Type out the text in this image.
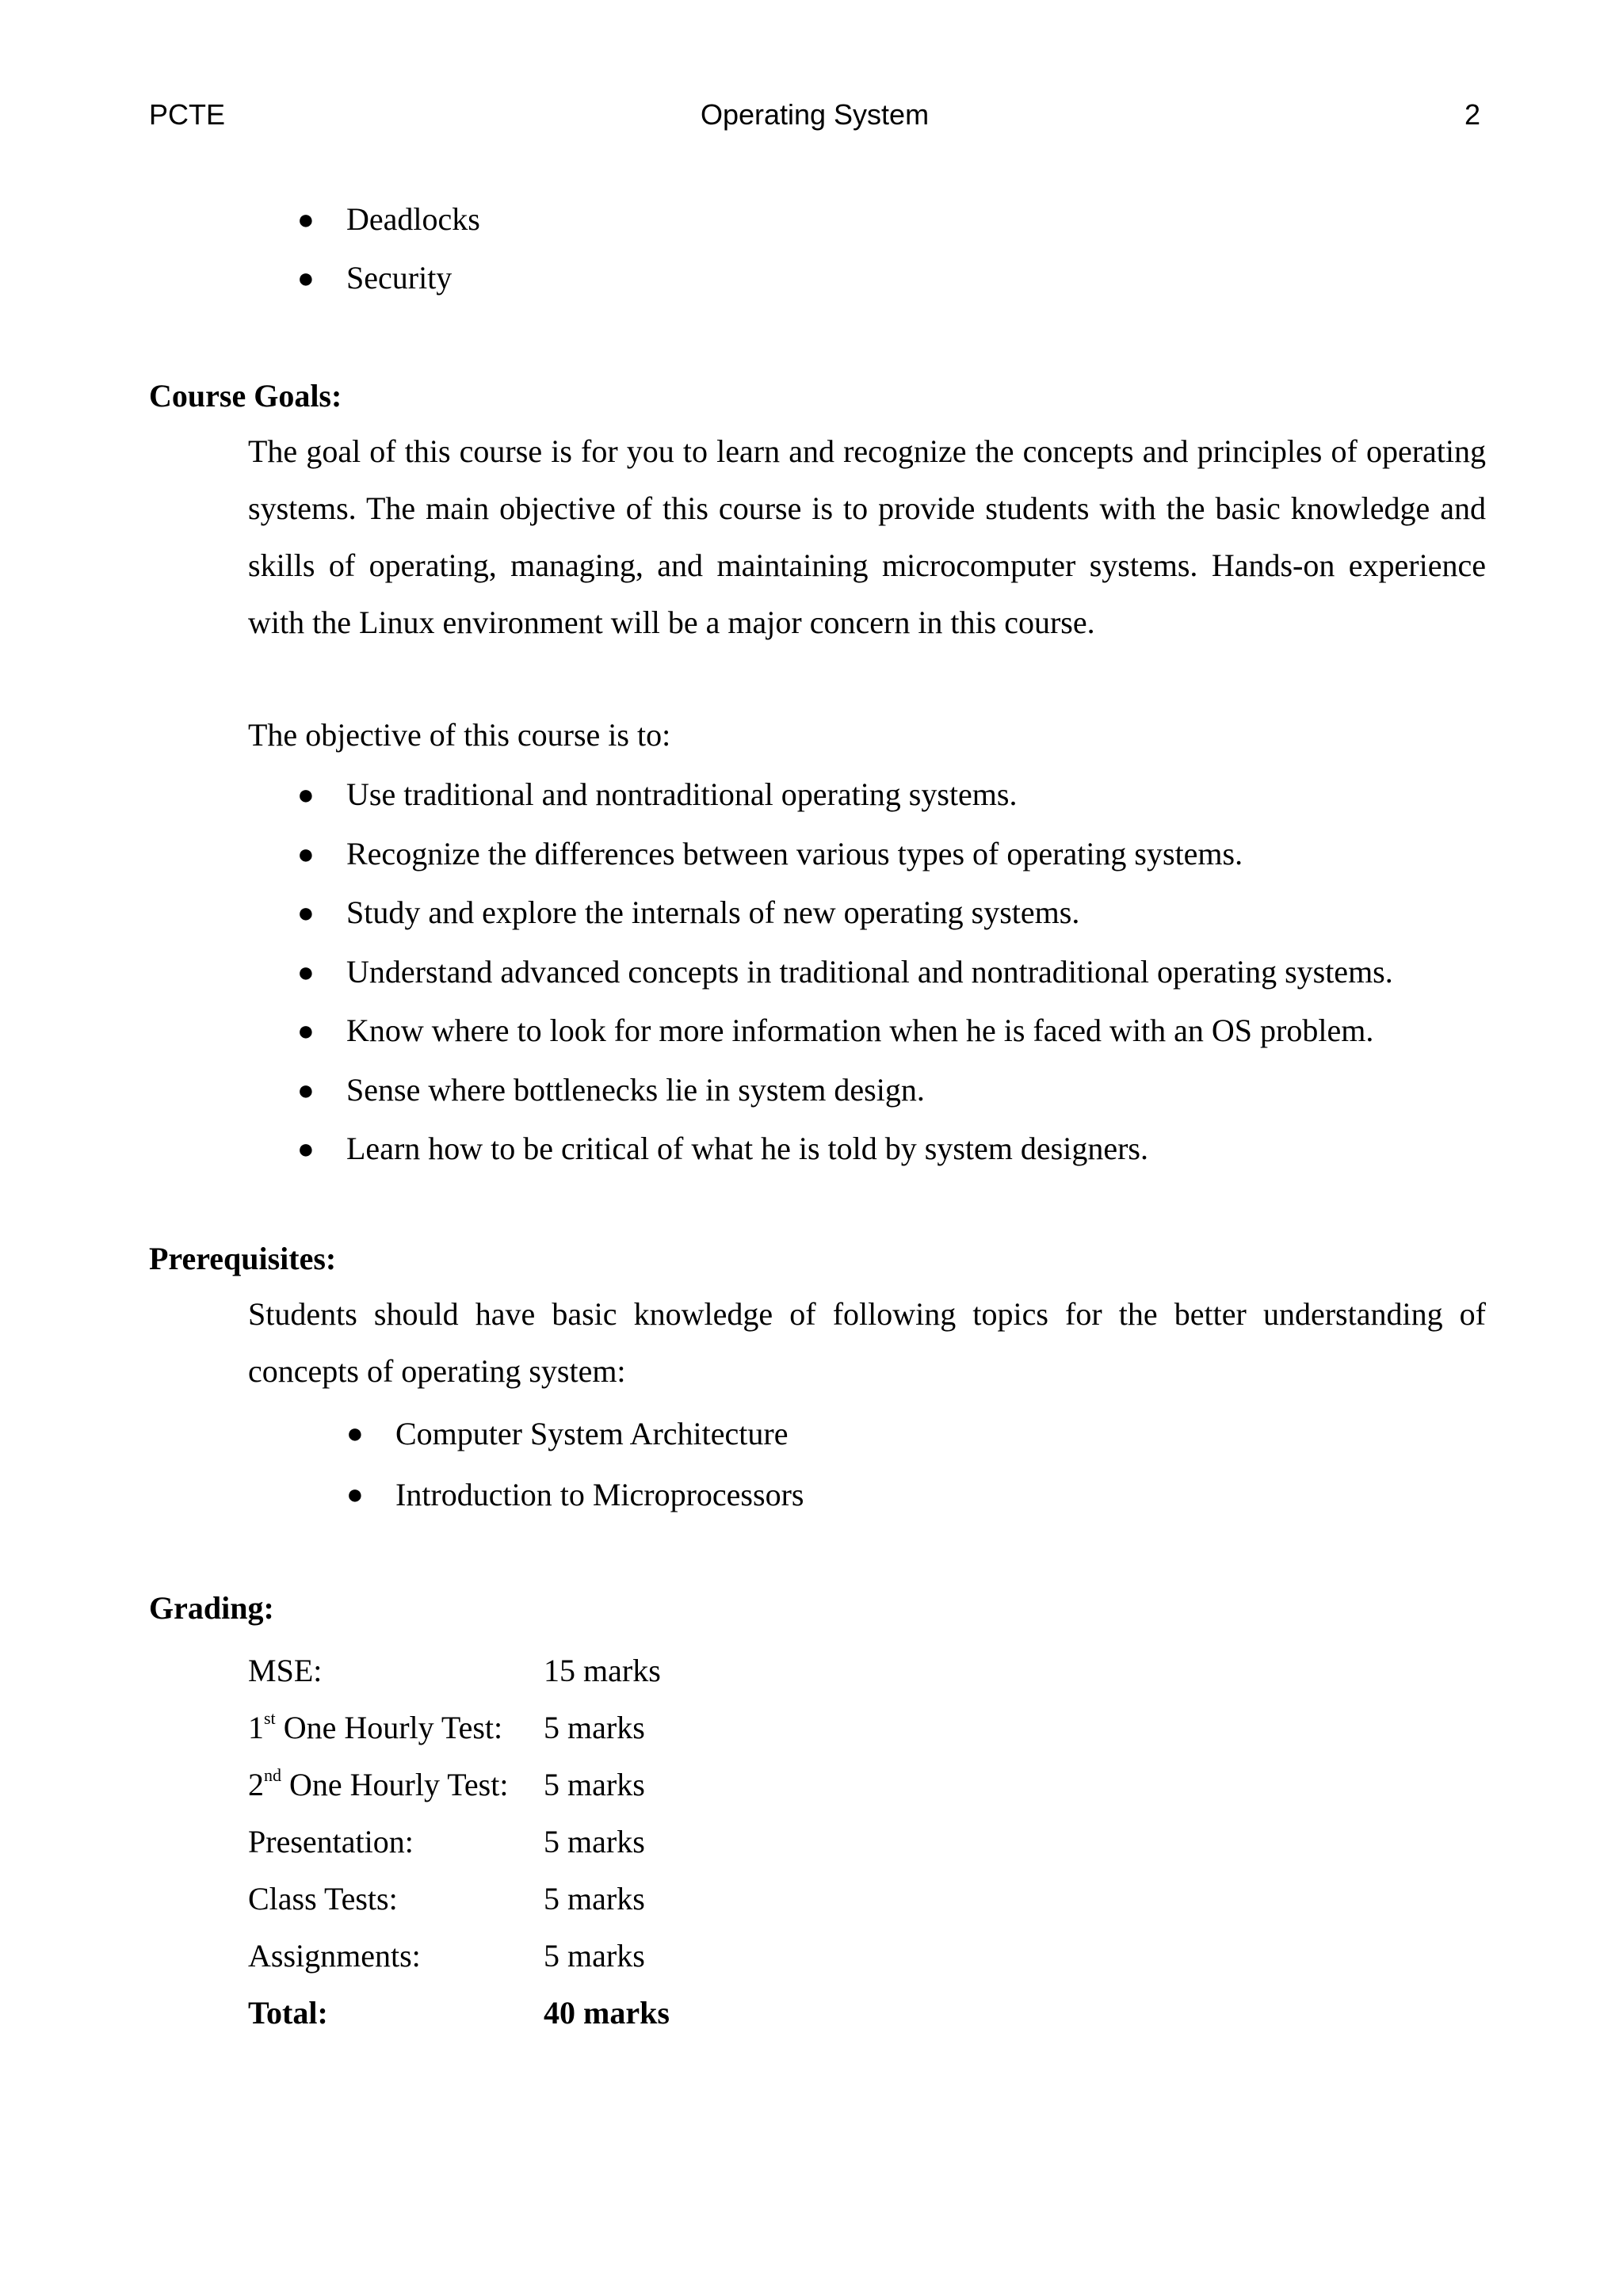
PCTE	Operating System	2
● Deadlocks
● Security
Course Goals:
The goal of this course is for you to learn and recognize the concepts and principles of operating systems. The main objective of this course is to provide students with the basic knowledge and skills of operating, managing, and maintaining microcomputer systems. Hands-on experience with the Linux environment will be a major concern in this course.
The objective of this course is to:
● Use traditional and nontraditional operating systems.
● Recognize the differences between various types of operating systems.
● Study and explore the internals of new operating systems.
● Understand advanced concepts in traditional and nontraditional operating systems.
● Know where to look for more information when he is faced with an OS problem.
● Sense where bottlenecks lie in system design.
● Learn how to be critical of what he is told by system designers.
Prerequisites:
Students should have basic knowledge of following topics for the better understanding of concepts of operating system:
● Computer System Architecture
● Introduction to Microprocessors
Grading:
MSE:	15 marks
1st One Hourly Test: 5 marks
2nd One Hourly Test: 5 marks
Presentation:	5 marks
Class Tests:	5 marks
Assignments:	5 marks
Total:	40 marks
